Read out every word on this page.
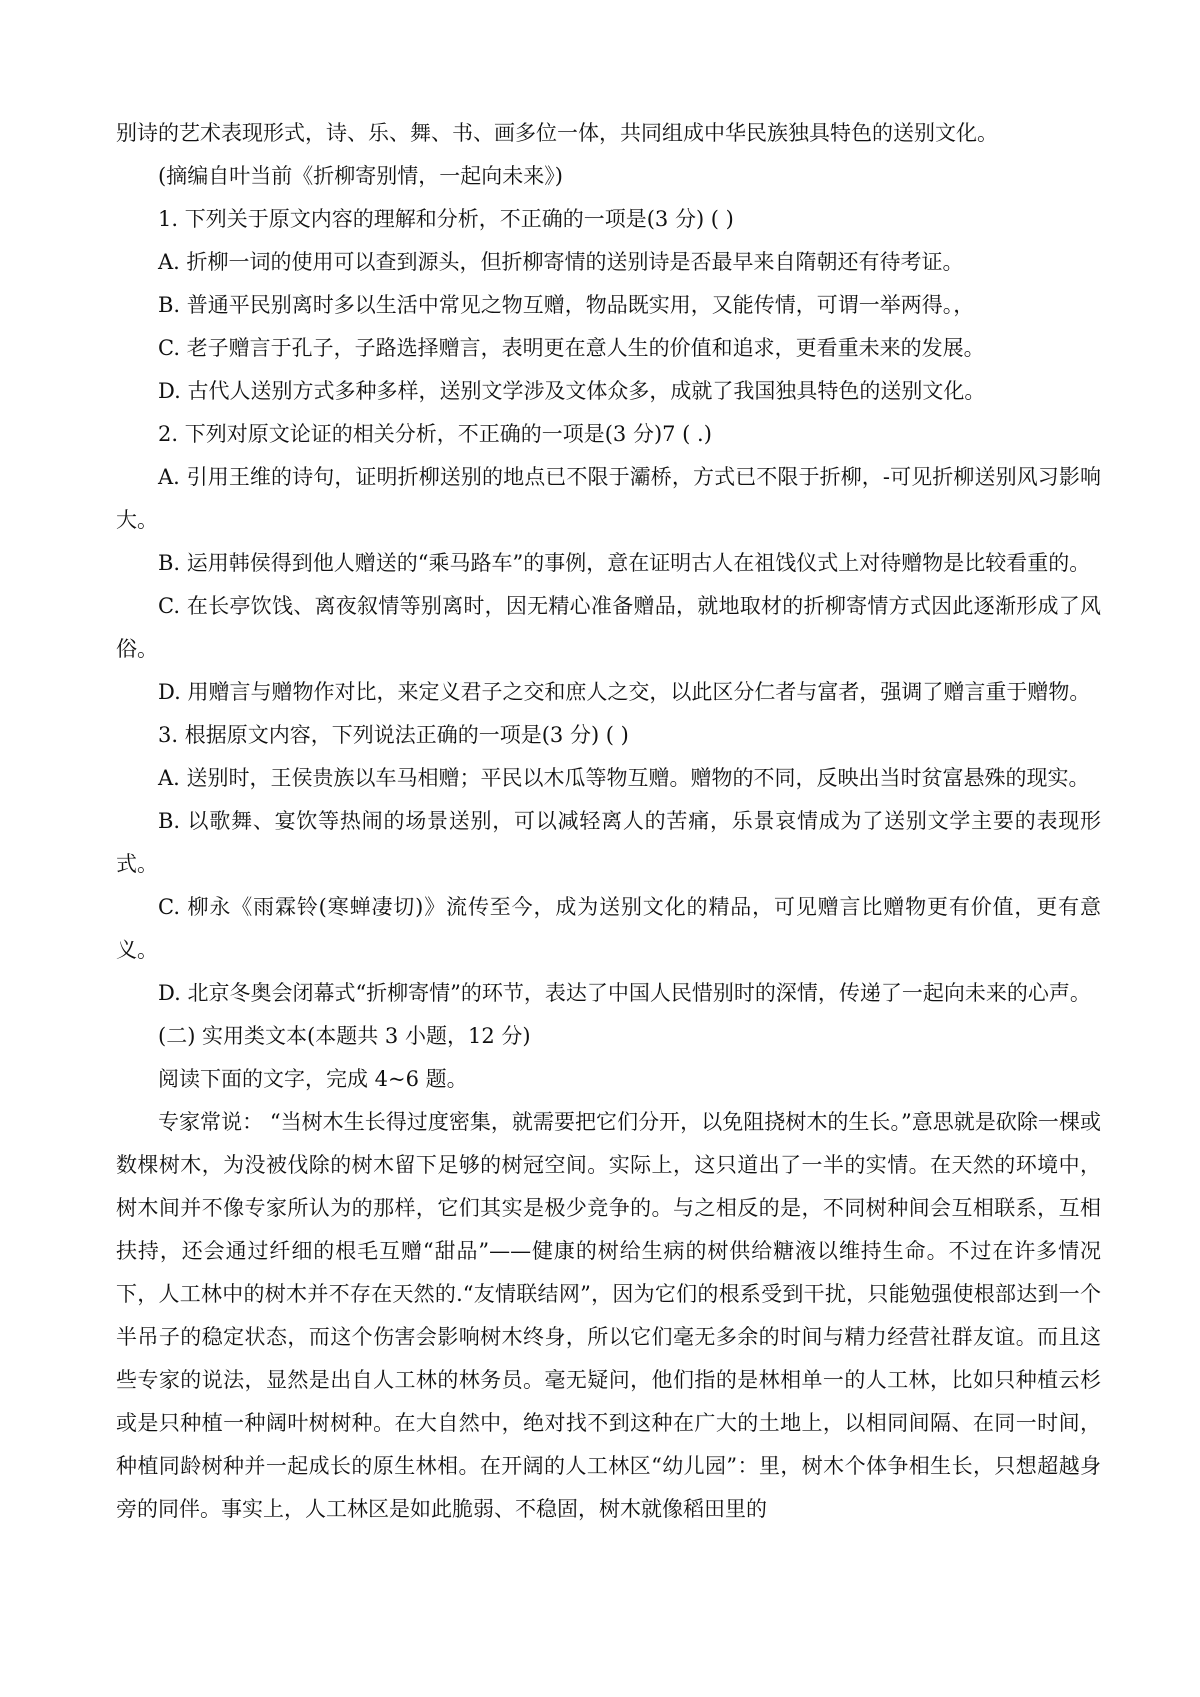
别诗的艺术表现形式，诗、乐、舞、书、画多位一体，共同组成中华民族独具特色的送别文化。

(摘编自叶当前《折柳寄别情，一起向未来》)

1. 下列关于原文内容的理解和分析，不正确的一项是(3 分) ( )

A. 折柳一词的使用可以查到源头，但折柳寄情的送别诗是否最早来自隋朝还有待考证。

B. 普通平民别离时多以生活中常见之物互赠，物品既实用，又能传情，可谓一举两得。，

C. 老子赠言于孔子，子路选择赠言，表明更在意人生的价值和追求，更看重未来的发展。

D. 古代人送别方式多种多样，送别文学涉及文体众多，成就了我国独具特色的送别文化。

2. 下列对原文论证的相关分析，不正确的一项是(3 分)7 ( .)

A. 引用王维的诗句，证明折柳送别的地点已不限于灞桥，方式已不限于折柳，-可见折柳送别风习影响大。

B. 运用韩侯得到他人赠送的“乘马路车”的事例，意在证明古人在祖饯仪式上对待赠物是比较看重的。

C. 在长亭饮饯、离夜叙情等别离时，因无精心准备赠品，就地取材的折柳寄情方式因此逐渐形成了风俗。

D. 用赠言与赠物作对比，来定义君子之交和庶人之交，以此区分仁者与富者，强调了赠言重于赠物。

3. 根据原文内容，下列说法正确的一项是(3 分) ( )

A. 送别时，王侯贵族以车马相赠；平民以木瓜等物互赠。赠物的不同，反映出当时贫富悬殊的现实。

B. 以歌舞、宴饮等热闹的场景送别，可以减轻离人的苦痛，乐景哀情成为了送别文学主要的表现形式。

C. 柳永《雨霖铃(寒蝉凄切)》流传至今，成为送别文化的精品，可见赠言比赠物更有价值，更有意义。

D. 北京冬奥会闭幕式“折柳寄情”的环节，表达了中国人民惜别时的深情，传递了一起向未来的心声。

(二) 实用类文本(本题共 3 小题，12 分)

阅读下面的文字，完成 4~6 题。

专家常说： “当树木生长得过度密集，就需要把它们分开，以免阻挠树木的生长。”意思就是砍除一棵或数棵树木，为没被伐除的树木留下足够的树冠空间。实际上，这只道出了一半的实情。在天然的环境中，树木间并不像专家所认为的那样，它们其实是极少竞争的。与之相反的是，不同树种间会互相联系，互相扶持，还会通过纤细的根毛互赠“甜品”——健康的树给生病的树供给糖液以维持生命。不过在许多情况下，人工林中的树木并不存在天然的.“友情联结网”，因为它们的根系受到干扰，只能勉强使根部达到一个半吊子的稳定状态，而这个伤害会影响树木终身，所以它们毫无多余的时间与精力经营社群友谊。而且这些专家的说法，显然是出自人工林的林务员。毫无疑问，他们指的是林相单一的人工林，比如只种植云杉或是只种植一种阔叶树树种。在大自然中，绝对找不到这种在广大的土地上，以相同间隔、在同一时间，种植同龄树种并一起成长的原生林相。在开阔的人工林区“幼儿园”：里，树木个体争相生长，只想超越身旁的同伴。事实上，人工林区是如此脆弱、不稳固，树木就像稻田里的
